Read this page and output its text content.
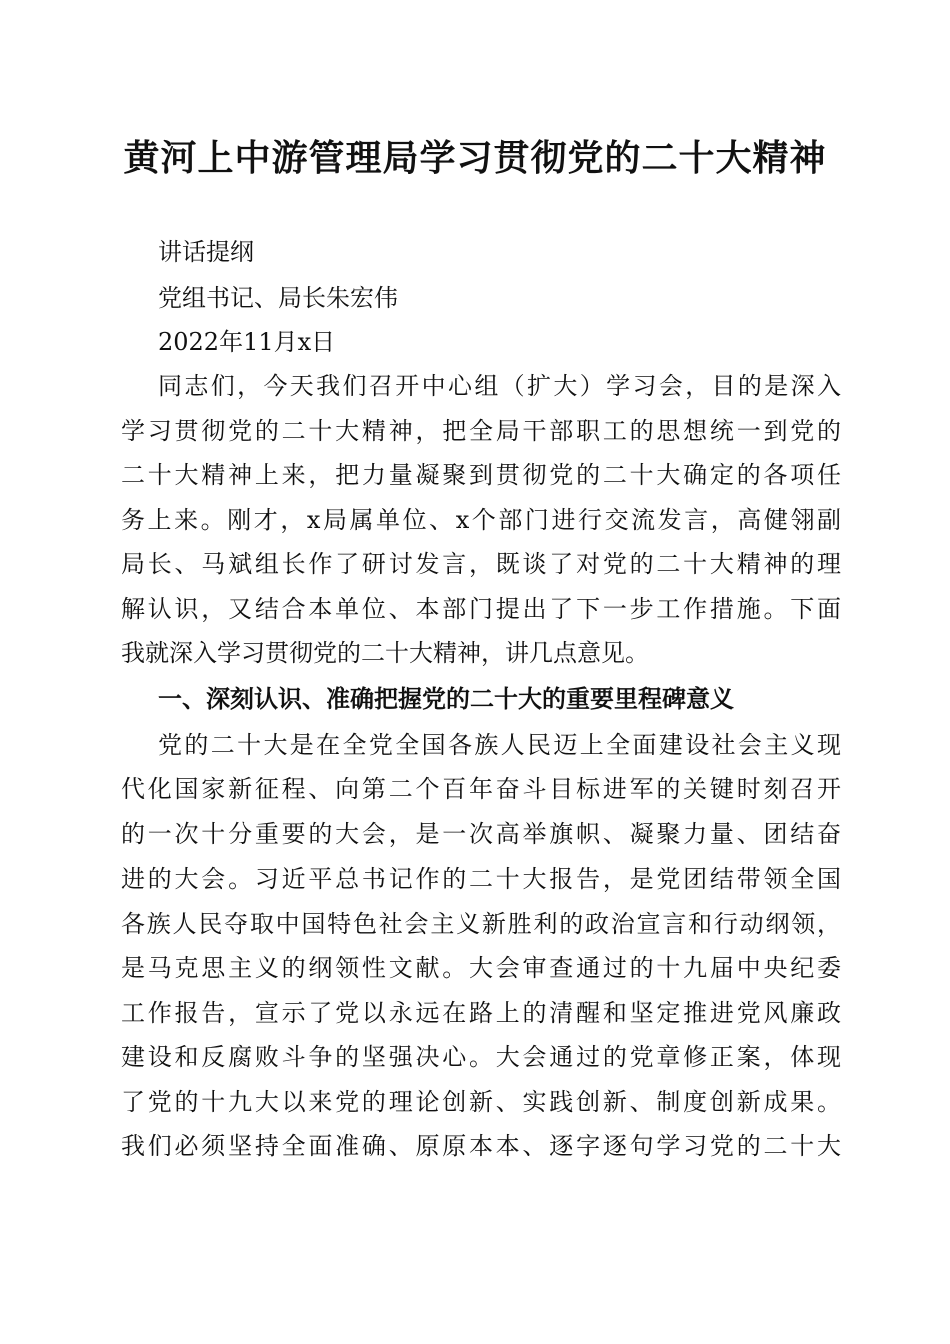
黄河上中游管理局学习贯彻党的二十大精神
讲话提纲
党组书记、局长朱宏伟
2022年11月x日
同志们，今天我们召开中心组（扩大）学习会，目的是深入
学习贯彻党的二十大精神，把全局干部职工的思想统一到党的
二十大精神上来，把力量凝聚到贯彻党的二十大确定的各项任
务上来。刚才，x局属单位、x个部门进行交流发言，高健翎副
局长、马斌组长作了研讨发言，既谈了对党的二十大精神的理
解认识，又结合本单位、本部门提出了下一步工作措施。下面
我就深入学习贯彻党的二十大精神，讲几点意见。
一、深刻认识、准确把握党的二十大的重要里程碑意义
党的二十大是在全党全国各族人民迈上全面建设社会主义现
代化国家新征程、向第二个百年奋斗目标进军的关键时刻召开
的一次十分重要的大会，是一次高举旗帜、凝聚力量、团结奋
进的大会。习近平总书记作的二十大报告，是党团结带领全国
各族人民夺取中国特色社会主义新胜利的政治宣言和行动纲领，
是马克思主义的纲领性文献。大会审查通过的十九届中央纪委
工作报告，宣示了党以永远在路上的清醒和坚定推进党风廉政
建设和反腐败斗争的坚强决心。大会通过的党章修正案，体现
了党的十九大以来党的理论创新、实践创新、制度创新成果。
我们必须坚持全面准确、原原本本、逐字逐句学习党的二十大
